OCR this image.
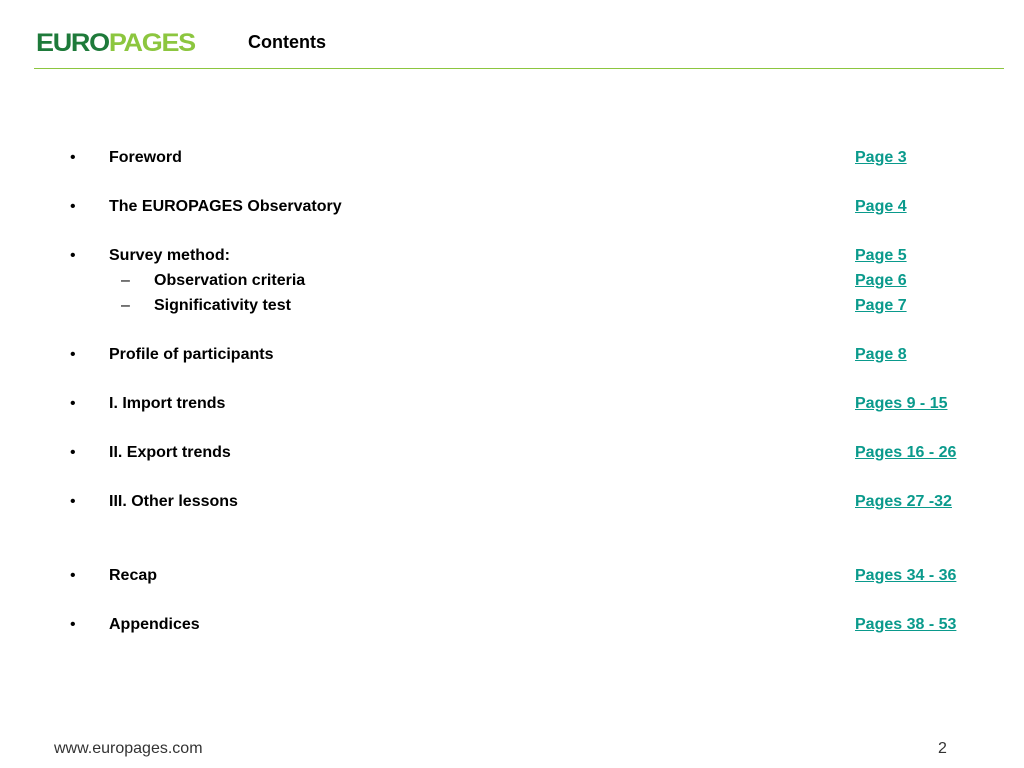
EUROPAGES	Contents
• Foreword	Page 3
• The EUROPAGES Observatory	Page 4
• Survey method:	Page 5
– Observation criteria	Page 6
– Significativity test	Page 7
• Profile of participants	Page 8
• I. Import trends	Pages 9 - 15
• II. Export trends	Pages 16 - 26
• III. Other lessons	Pages 27 -32
• Recap	Pages 34 - 36
• Appendices	Pages 38 - 53
www.europages.com	2
